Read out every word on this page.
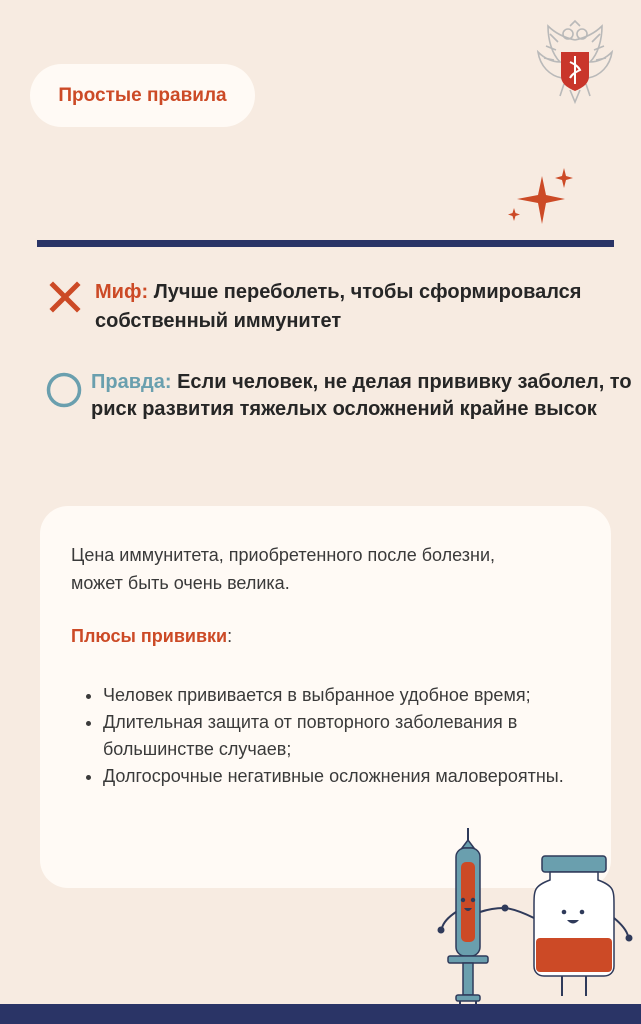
Простые правила
Миф: Лучше переболеть, чтобы сформировался собственный иммунитет
Правда: Если человек, не делая прививку заболел, то риск развития тяжелых осложнений крайне высок
Цена иммунитета, приобретенного после болезни, может быть очень велика.
Плюсы прививки:
• Человек прививается в выбранное удобное время;
• Длительная защита от повторного заболевания в большинстве случаев;
• Долгосрочные негативные осложнения маловероятны.
